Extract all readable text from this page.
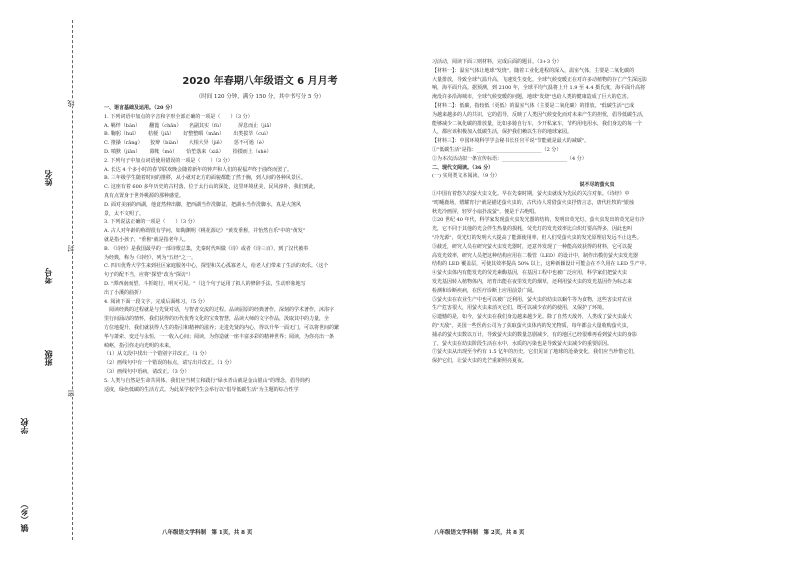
线
封
密
姓名
考号
班级
学校
镇（乡）
2020 年春期八年级语文 6 月月考
（时间 120 分钟，满分 150 分，其中书写分 5 分）

一、语言基础及运用。（20 分）

1. 下列词语中加点的字音和字形全部正确的一项是（　　）（3 分）

A. 羁绊（bàn）　　 翻篦（chān）　　名副其实（fù）　　　 屏息而止（jiā）

B. 鞠躬（huǐ）　　 桔梗（jiǎ）　　 好整整暇（mǎn）　　 出类拔萃（cuì）

C. 推搡（rǎng）　　狡辩（biàn）　　大相大异（jiē）　　 惩不可遏（è）

D. 嗔默（jiān）　　 幕帐（mò）　　 恰笙落来（xiā）　　 拾掇而上（shè）

2. 下列句子中加点词语使用错误的一项是（　　）（3 分）

A. 长达 4 个多小时的春节联欢晚会随着新年的钟声和人们的祝福声终于曲终而罢了。

B. 三年级学生随着时间的推移，从小就对北方的面貌都能了然于胸，到人间的各种风景区。

C. 这座有着 600 多年历史的古村落，位于太行山的深处，这里环境优美，民风淳朴，我们到此，

真有点置身于世外桃源的那种感觉。

D. 面对美丽的西湖，他竟然伸出脚，把西湖当作洗脚盆，把湖水当作洗脚水，真是大煞风

景，太不文明了。

3. 下列说法正确的一项是（　　）（3 分）

A. 古人对年龄的称谓很有学问，如陶渊明《桃花源记》"黄发垂髫，并怡然自乐"中的"黄发"

就是指小孩子，"垂髫"就是指老年人。

B. 《诗经》是我国最早的一部诗歌总集，先秦时代叫做《诗》或者《诗三百》，到了汉代被奉

为经典，称为《诗经》，列为"五经"之一。

C. 四川优秀大学生来到社区家庭服务中心，探望和关心孤寡老人，给老人们带来了生活的欢乐。（这个

句子的配不当，应将"探望"改为"探访"）

D. "潭西南而望，斗折蛇行，明灭可见。"（这个句子运用了拟人的修辞手法，生动形象地写

出了小溪的曲折）

4. 阅读下面一段文字，完成后面练习。（5 分）

　阅读经典的过程就是与先贤对话，与智者交流的过程。品读屈原的经典著作，深刻的学术著作，沐浴字

里行间涌动的情怀，我们获得的历代优秀文化的宝贵智慧，品读大师的文字作品，汲取其中的力量，全

方位地提升，我们就获得人生的指引和精神的滋养；走进先贤的内心，得以升华一面无门，可以将世间的繁

华与萧索、变迁与永恒，一一收入心间；阅读，为你造就一座丰富多彩的精神世界；阅读，为你亮出一条

崎岖，指引你走向光明的未来。

（1）从文段中找出一个错别字并改正。（1 分）

（2）画线句中有一个错误的标点，请写出并改正。（1 分）

（3）画线句中语病，请改正。（3 分）

5. 人类与自然是生命共同体，我们应当树立和践行"绿水青山就是金山银山"的理念，倡导简约

适度，绿色低碳的生活方式。为此某学校学生会举行以"倡导低碳生活"为主题的综合性学

习活动，阅读下面三则材料，完成后面的题目。（3+3 分）

【材料一】：温室气体让地球"发烧"。随着工业化进程的深入，温室气体，主要是二氧化碳的

大量排放，导致全球气温升高，飞速发生变化。全球气候变暖正在对许多动植物的存亡产生深远影

响，海平面升高。据预测，到 2100 年，全球平均气温将上升 1.9 至 4.4 摄氏度，海平面升高将

淹没许多沿海城市，全球气候变暖的问题，地球"发烧"也给人类的健康造成了巨大的危害。

【材料二】：低碳，指较低（更低）的温室气体（主要是二氧化碳）的排放。"低碳生活"已成

为越来越多的人的共识，它的倡导，反映了人类因气候变化而对未来产生的担忧，倡导低碳生活，

能够减少二氧化碳的排放量，比如多骑自行车，少开私家车，节约用电用水，我们身边的每一个

人，都应该积极加入低碳生活，保护我们赖以生存的地球家园。

【材料三】：中国环境科学学会秘书长任官平说"节能就是最大的减碳"。

①"低碳生活"是指：__________________________（2 分）

②为本次活动拟一条宣传标语：__________________________（4 分）

二、现代文阅读。（36 分）

(一) 实用类文本阅读。（9 分）

说不尽的萤火虫

①中国有着悠久的萤火虫文化。早在先秦时期，萤火虫就成为先民的关注对象。《诗经》中

"町畽鹿场，熠耀宵行"就是描述萤火虫的，古代诗人常借萤火虫抒情言志，唐代杜牧的"银烛

秋光冷画屏，轻罗小扇扑流萤"，便是千古绝唱。

②20 世纪 40 年代，科学家发现萤火虫发光器的结构，发明出荧光灯。萤火虫发出的荧光是有冷

光，它不同于其他的光会伴生热量的损耗，荧光灯的发光效率比白炽灯要高得多，因此也叫

"冷光源"，荧光灯的发明大大提高了能源使用率，但人们受萤火虫的发光原理启发远不止这些。

③截近，研究人员在研究萤火虫发光器时，还意外发现了一种能高效获得的材料，它可以提

高发光效率，研究人员把这种结构应用在二极管（LED）的设计中，制作出模仿萤火虫发光器

结构的 LED 覆盖层，可使其效率提高 50% 以上，这种新颖设计可能会在不久用在 LED 生产中。

④萤火虫体内有能发光的荧光素酶基因，在基因工程中也被广泛应用，科学家们把萤火虫

发光基因转入植物体内，培育出能在夜里发光的烟草，还利用萤火虫的发光基因作为标志来

检测和诊断疾病，在医疗诊断上应用前景广阔。

⑤萤火虫在农业生产中也可以被广泛利用，萤火虫的幼虫以蜗牛等为食物，这些害虫对农业

生产危害很大，用萤火虫来消灭它们，既可以减少农药的使用，又保护了环境。

⑥遗憾的是，如今，萤火虫在我们身边越来越少见。除了自然天敌外，人类成了萤火虫最大

的"天敌"。美国一些医药公司为了获取萤火虫体内的发光物质，每年都会大量收购萤火虫，

捕杀的萤火虫数以万计，导致萤火虫的数量急剧减少，有的地区已经很难再看到萤火虫的身影

了，萤火虫在幼虫阶段生活在水中，水质的污染也是导致萤火虫减少的重要原因。

⑦萤火虫从出现至今约有 1.5 亿年的历史，它们见证了地球的沧桑变化，我们应当珍惜它们，

保护它们，让萤火虫的光芒重新照亮夏夜。

八年级语文学科制　第 1页，共 8 页	八年级语文学科制　第 2页，共 8 页
